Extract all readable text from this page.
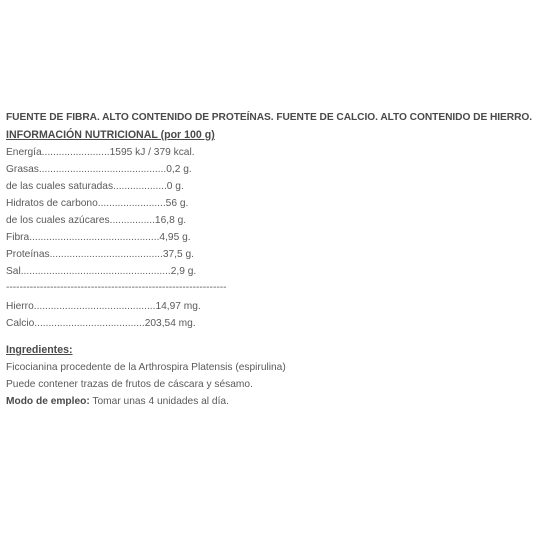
FUENTE DE FIBRA. ALTO CONTENIDO DE PROTEÍNAS. FUENTE DE CALCIO. ALTO CONTENIDO DE HIERRO.
INFORMACIÓN NUTRICIONAL (por 100 g)
Energía........................1595 kJ / 379 kcal.
Grasas.............................................0,2 g.
de las cuales saturadas...................0 g.
Hidratos de carbono........................56 g.
de los cuales azúcares................16,8 g.
Fibra..............................................4,95 g.
Proteínas........................................37,5 g.
Sal.....................................................2,9 g.
-----------------------------------------------------------------
Hierro...........................................14,97 mg.
Calcio.......................................203,54 mg.
Ingredientes:
Ficocianina procedente de la Arthrospira Platensis (espirulina)
Puede contener trazas de frutos de cáscara y sésamo.
Modo de empleo: Tomar unas 4 unidades al día.
